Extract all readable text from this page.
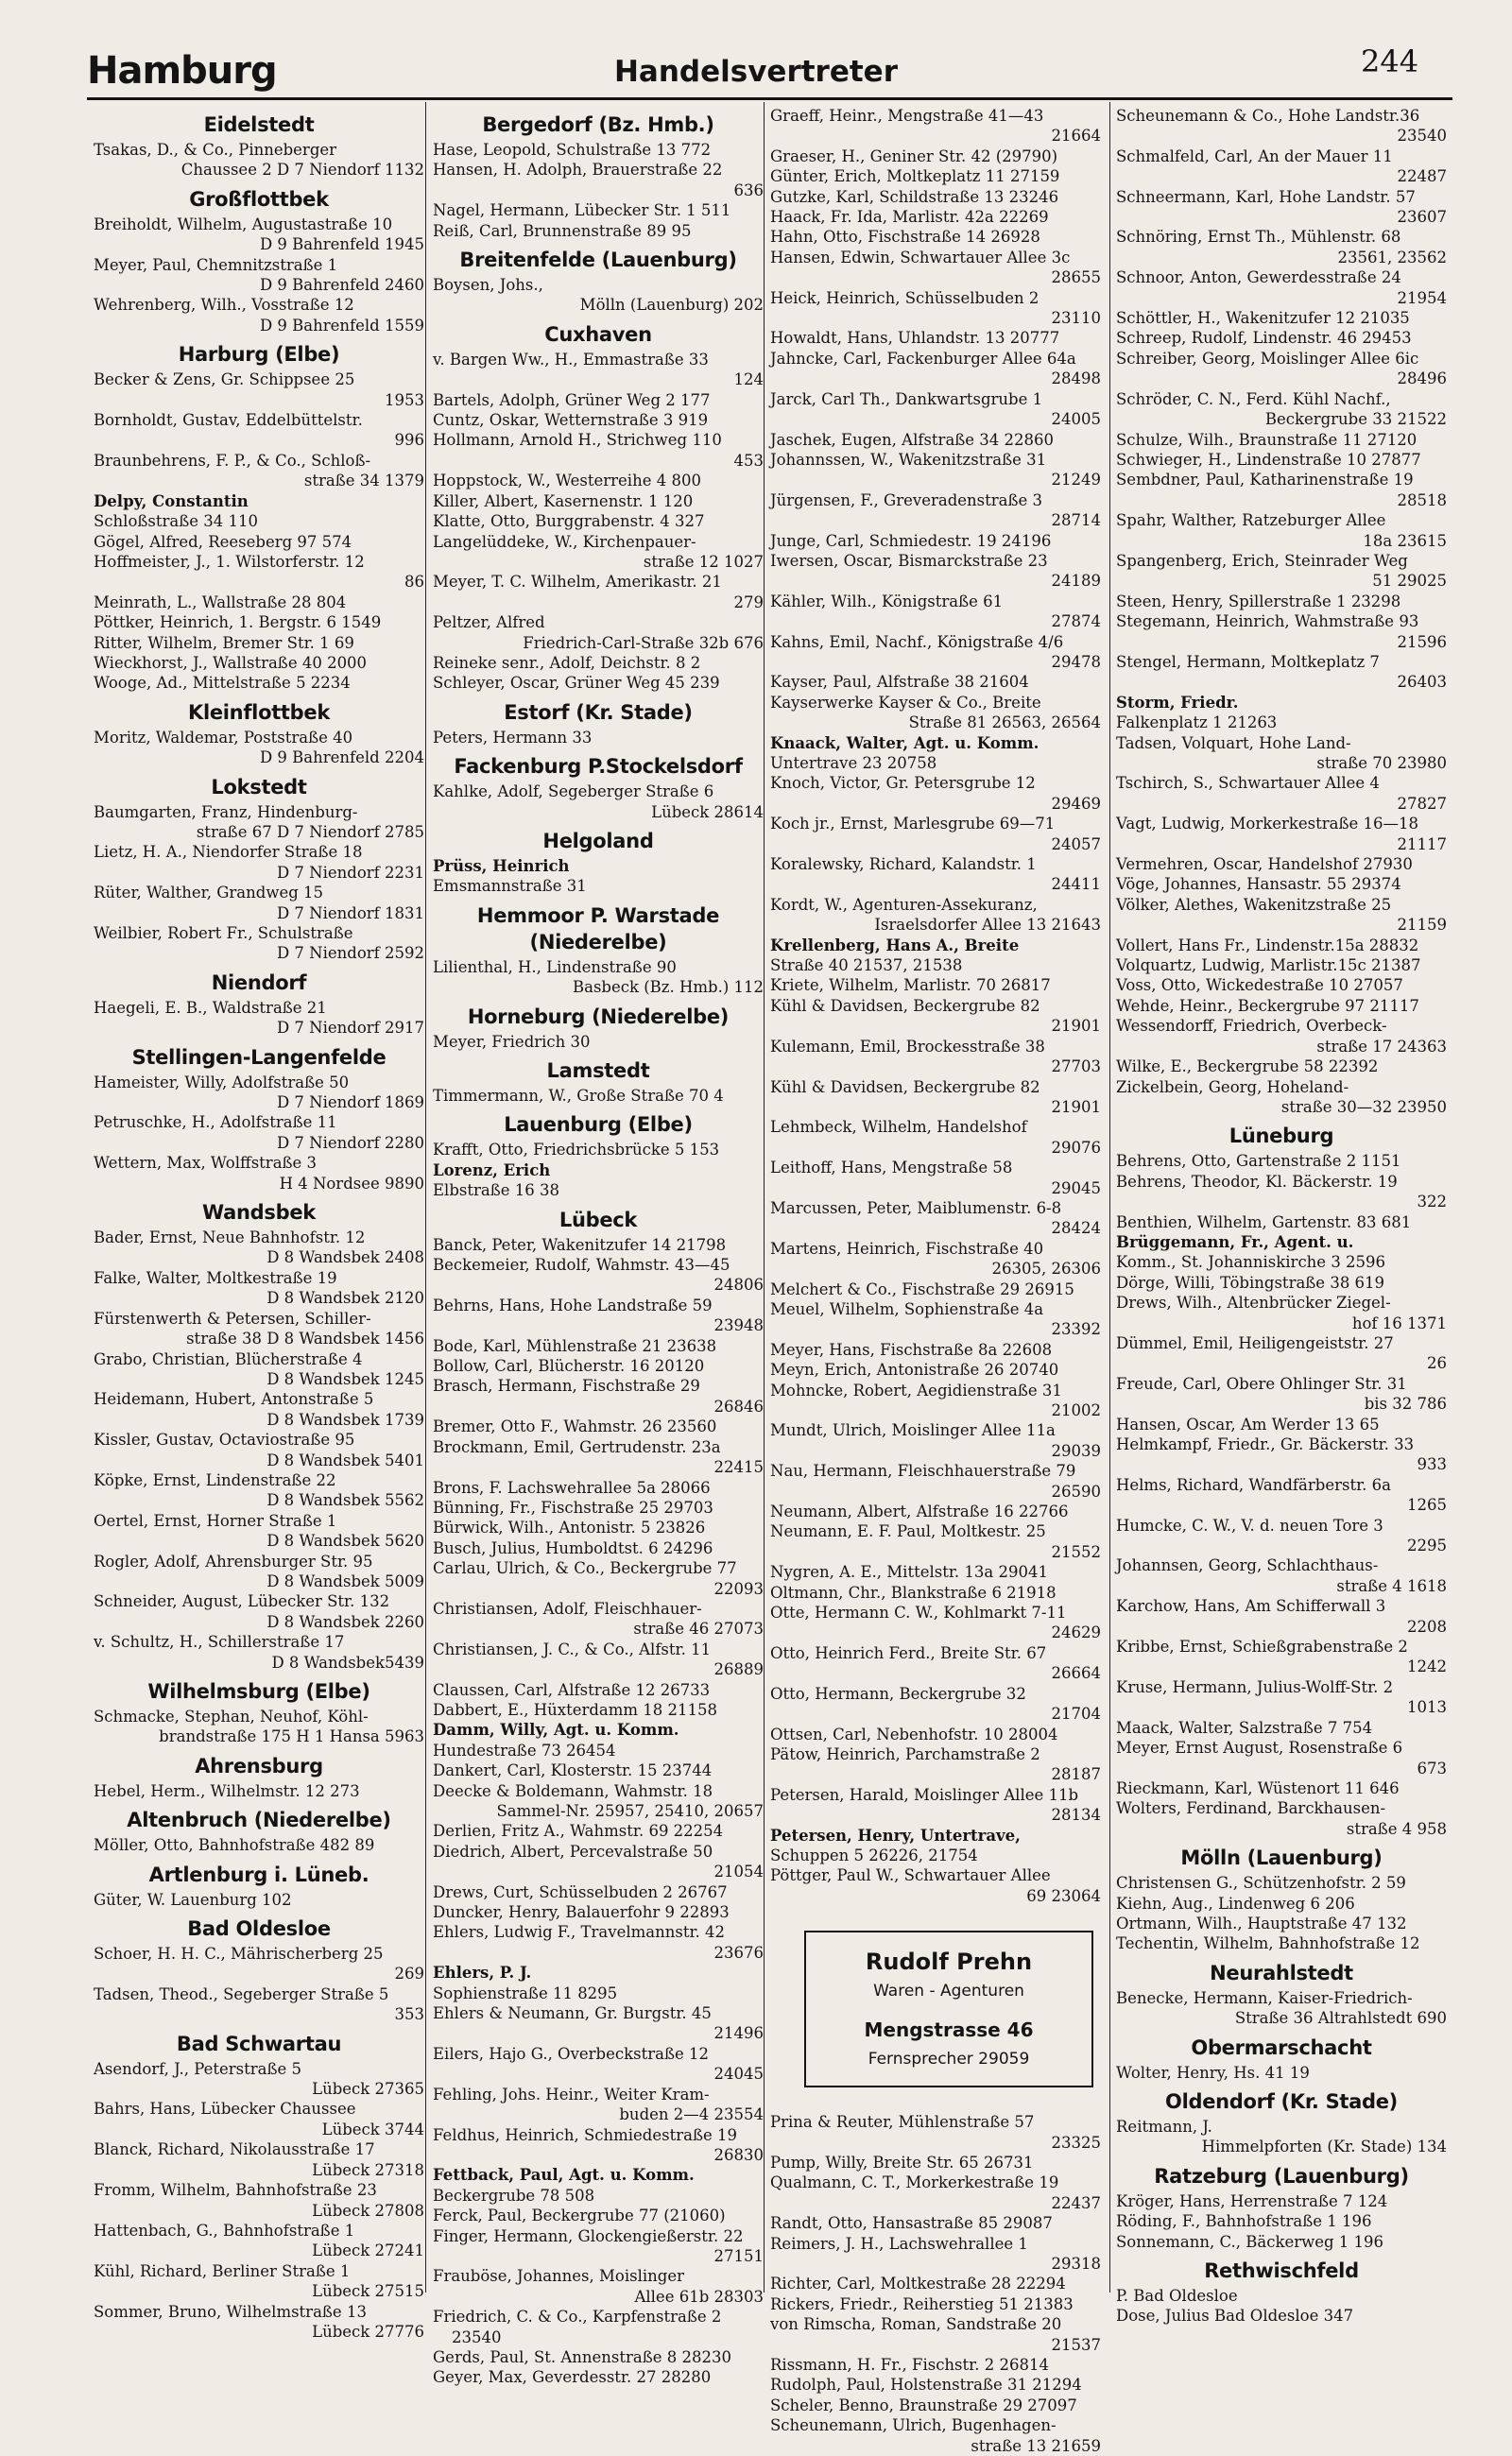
Hamburg	Handelsvertreter	244
Eidelstedt

Tsakas, D., & Co., Pinneberger
Chaussee 2 D 7 Niendorf 1132

Großflottbek

Breiholdt, Wilhelm, Augustastraße 10
D 9 Bahrenfeld 1945

Meyer, Paul, Chemnitzstraße 1
D 9 Bahrenfeld 2460

Wehrenberg, Wilh., Vosstraße 12
D 9 Bahrenfeld 1559

Harburg (Elbe)

Becker & Zens, Gr. Schippsee 25
1953

Bornholdt, Gustav, Eddelbüttelstr.
996

Braunbehrens, F. P., & Co., Schloß-
straße 34 1379

Delpy, Constantin

Schloßstraße 34 110

Gögel, Alfred, Reeseberg 97 574

Hoffmeister, J., 1. Wilstorferstr. 12
86

Meinrath, L., Wallstraße 28 804

Pöttker, Heinrich, 1. Bergstr. 6 1549

Ritter, Wilhelm, Bremer Str. 1 69

Wieckhorst, J., Wallstraße 40 2000

Wooge, Ad., Mittelstraße 5 2234

Kleinflottbek

Moritz, Waldemar, Poststraße 40
D 9 Bahrenfeld 2204

Lokstedt

Baumgarten, Franz, Hindenburg-
straße 67 D 7 Niendorf 2785

Lietz, H. A., Niendorfer Straße 18
D 7 Niendorf 2231

Rüter, Walther, Grandweg 15
D 7 Niendorf 1831

Weilbier, Robert Fr., Schulstraße
D 7 Niendorf 2592

Niendorf

Haegeli, E. B., Waldstraße 21
D 7 Niendorf 2917

Stellingen-Langenfelde

Hameister, Willy, Adolfstraße 50
D 7 Niendorf 1869

Petruschke, H., Adolfstraße 11
D 7 Niendorf 2280

Wettern, Max, Wolffstraße 3
H 4 Nordsee 9890

Wandsbek

Bader, Ernst, Neue Bahnhofstr. 12
D 8 Wandsbek 2408

Falke, Walter, Moltkestraße 19
D 8 Wandsbek 2120

Fürstenwerth & Petersen, Schiller-
straße 38 D 8 Wandsbek 1456

Grabo, Christian, Blücherstraße 4
D 8 Wandsbek 1245

Heidemann, Hubert, Antonstraße 5
D 8 Wandsbek 1739

Kissler, Gustav, Octaviostraße 95
D 8 Wandsbek 5401

Köpke, Ernst, Lindenstraße 22
D 8 Wandsbek 5562

Oertel, Ernst, Horner Straße 1
D 8 Wandsbek 5620

Rogler, Adolf, Ahrensburger Str. 95
D 8 Wandsbek 5009

Schneider, August, Lübecker Str. 132
D 8 Wandsbek 2260

v. Schultz, H., Schillerstraße 17
D 8 Wandsbek5439

Wilhelmsburg (Elbe)

Schmacke, Stephan, Neuhof, Köhl-
brandstraße 175 H 1 Hansa 5963

Ahrensburg

Hebel, Herm., Wilhelmstr. 12 273

Altenbruch (Niederelbe)

Möller, Otto, Bahnhofstraße 482 89

Artlenburg i. Lüneb.

Güter, W. Lauenburg 102

Bad Oldesloe

Schoer, H. H. C., Mährischerberg 25
269

Tadsen, Theod., Segeberger Straße 5
353

Bad Schwartau

Asendorf, J., Peterstraße 5
Lübeck 27365

Bahrs, Hans, Lübecker Chaussee
Lübeck 3744

Blanck, Richard, Nikolausstraße 17
Lübeck 27318

Fromm, Wilhelm, Bahnhofstraße 23
Lübeck 27808

Hattenbach, G., Bahnhofstraße 1
Lübeck 27241

Kühl, Richard, Berliner Straße 1
Lübeck 27515

Sommer, Bruno, Wilhelmstraße 13
Lübeck 27776

Bergedorf (Bz. Hmb.)

Hase, Leopold, Schulstraße 13 772

Hansen, H. Adolph, Brauerstraße 22
636

Nagel, Hermann, Lübecker Str. 1 511

Reiß, Carl, Brunnenstraße 89 95

Breitenfelde (Lauenburg)

Boysen, Johs.,
Mölln (Lauenburg) 202

Cuxhaven

v. Bargen Ww., H., Emmastraße 33
124

Bartels, Adolph, Grüner Weg 2 177

Cuntz, Oskar, Wetternstraße 3 919

Hollmann, Arnold H., Strichweg 110
453

Hoppstock, W., Westerreihe 4 800

Killer, Albert, Kasernenstr. 1 120

Klatte, Otto, Burggrabenstr. 4 327

Langelüddeke, W., Kirchenpauer-
straße 12 1027

Meyer, T. C. Wilhelm, Amerikastr. 21
279

Peltzer, Alfred
Friedrich-Carl-Straße 32b 676

Reineke senr., Adolf, Deichstr. 8 2

Schleyer, Oscar, Grüner Weg 45 239

Estorf (Kr. Stade)

Peters, Hermann 33

Fackenburg P.Stockelsdorf

Kahlke, Adolf, Segeberger Straße 6
Lübeck 28614

Helgoland

Prüss, Heinrich

Emsmannstraße 31

Hemmoor P. Warstade (Niederelbe)

Lilienthal, H., Lindenstraße 90
Basbeck (Bz. Hmb.) 112

Horneburg (Niederelbe)

Meyer, Friedrich 30

Lamstedt

Timmermann, W., Große Straße 70 4

Lauenburg (Elbe)

Krafft, Otto, Friedrichsbrücke 5 153

Lorenz, Erich

Elbstraße 16 38

Lübeck

Banck, Peter, Wakenitzufer 14 21798

Beckemeier, Rudolf, Wahmstr. 43—45
24806

Behrns, Hans, Hohe Landstraße 59
23948

Bode, Karl, Mühlenstraße 21 23638

Bollow, Carl, Blücherstr. 16 20120

Brasch, Hermann, Fischstraße 29
26846

Bremer, Otto F., Wahmstr. 26 23560

Brockmann, Emil, Gertrudenstr. 23a
22415

Brons, F. Lachswehrallee 5a 28066

Bünning, Fr., Fischstraße 25 29703

Bürwick, Wilh., Antonistr. 5 23826

Busch, Julius, Humboldtst. 6 24296

Carlau, Ulrich, & Co., Beckergrube 77
22093

Christiansen, Adolf, Fleischhauer-
straße 46 27073

Christiansen, J. C., & Co., Alfstr. 11
26889

Claussen, Carl, Alfstraße 12 26733

Dabbert, E., Hüxterdamm 18 21158

Damm, Willy, Agt. u. Komm.

Hundestraße 73 26454

Dankert, Carl, Klosterstr. 15 23744

Deecke & Boldemann, Wahmstr. 18
Sammel-Nr. 25957, 25410, 20657

Derlien, Fritz A., Wahmstr. 69 22254

Diedrich, Albert, Percevalstraße 50
21054

Drews, Curt, Schüsselbuden 2 26767

Duncker, Henry, Balauerfohr 9 22893

Ehlers, Ludwig F., Travelmannstr. 42
23676

Ehlers, P. J.

Sophienstraße 11 8295

Ehlers & Neumann, Gr. Burgstr. 45
21496

Eilers, Hajo G., Overbeckstraße 12
24045

Fehling, Johs. Heinr., Weiter Kram-
buden 2—4 23554

Feldhus, Heinrich, Schmiedestraße 19
26830

Fettback, Paul, Agt. u. Komm.

Beckergrube 78 508

Ferck, Paul, Beckergrube 77 (21060)

Finger, Hermann, Glockengießerstr. 22
27151

Frauböse, Johannes, Moislinger
Allee 61b 28303

Friedrich, C. & Co., Karpfenstraße 2 23540

Gerds, Paul, St. Annenstraße 8 28230

Geyer, Max, Geverdesstr. 27 28280

Graeff, Heinr., Mengstraße 41—43
21664

Graeser, H., Geniner Str. 42 (29790)

Günter, Erich, Moltkeplatz 11 27159

Gutzke, Karl, Schildstraße 13 23246

Haack, Fr. Ida, Marlistr. 42a 22269

Hahn, Otto, Fischstraße 14 26928

Hansen, Edwin, Schwartauer Allee 3c
28655

Heick, Heinrich, Schüsselbuden 2
23110

Howaldt, Hans, Uhlandstr. 13 20777

Jahncke, Carl, Fackenburger Allee 64a
28498

Jarck, Carl Th., Dankwartsgrube 1
24005

Jaschek, Eugen, Alfstraße 34 22860

Johannssen, W., Wakenitzstraße 31
21249

Jürgensen, F., Greveradenstraße 3
28714

Junge, Carl, Schmiedestr. 19 24196

Iwersen, Oscar, Bismarckstraße 23
24189

Kähler, Wilh., Königstraße 61
27874

Kahns, Emil, Nachf., Königstraße 4/6
29478

Kayser, Paul, Alfstraße 38 21604

Kayserwerke Kayser & Co., Breite
Straße 81 26563, 26564

Knaack, Walter, Agt. u. Komm.

Untertrave 23 20758

Knoch, Victor, Gr. Petersgrube 12
29469

Koch jr., Ernst, Marlesgrube 69—71
24057

Koralewsky, Richard, Kalandstr. 1
24411

Kordt, W., Agenturen-Assekuranz,
Israelsdorfer Allee 13 21643

Krellenberg, Hans A., Breite

Straße 40 21537, 21538

Kriete, Wilhelm, Marlistr. 70 26817

Kühl & Davidsen, Beckergrube 82
21901

Kulemann, Emil, Brockesstraße 38
27703

Kühl & Davidsen, Beckergrube 82
21901

Lehmbeck, Wilhelm, Handelshof
29076

Leithoff, Hans, Mengstraße 58
29045

Marcussen, Peter, Maiblumenstr. 6-8
28424

Martens, Heinrich, Fischstraße 40
26305, 26306

Melchert & Co., Fischstraße 29 26915

Meuel, Wilhelm, Sophienstraße 4a
23392

Meyer, Hans, Fischstraße 8a 22608

Meyn, Erich, Antonistraße 26 20740

Mohncke, Robert, Aegidienstraße 31
21002

Mundt, Ulrich, Moislinger Allee 11a
29039

Nau, Hermann, Fleischhauerstraße 79
26590

Neumann, Albert, Alfstraße 16 22766

Neumann, E. F. Paul, Moltkestr. 25
21552

Nygren, A. E., Mittelstr. 13a 29041

Oltmann, Chr., Blankstraße 6 21918

Otte, Hermann C. W., Kohlmarkt 7-11
24629

Otto, Heinrich Ferd., Breite Str. 67
26664

Otto, Hermann, Beckergrube 32
21704

Ottsen, Carl, Nebenhofstr. 10 28004

Pätow, Heinrich, Parchamstraße 2
28187

Petersen, Harald, Moislinger Allee 11b
28134

Petersen, Henry, Untertrave,

Schuppen 5 26226, 21754

Pöttger, Paul W., Schwartauer Allee
69 23064

Rudolf Prehn
Waren - Agenturen
Mengstrasse 46
Fernsprecher 29059

Prina & Reuter, Mühlenstraße 57
23325

Pump, Willy, Breite Str. 65 26731

Qualmann, C. T., Morkerkestraße 19
22437

Randt, Otto, Hansastraße 85 29087

Reimers, J. H., Lachswehrallee 1
29318

Richter, Carl, Moltkestraße 28 22294

Rickers, Friedr., Reiherstieg 51 21383

von Rimscha, Roman, Sandstraße 20
21537

Rissmann, H. Fr., Fischstr. 2 26814

Rudolph, Paul, Holstenstraße 31 21294

Scheler, Benno, Braunstraße 29 27097

Scheunemann, Ulrich, Bugenhagen-
straße 13 21659

Scheunemann & Co., Hohe Landstr.36
23540

Schmalfeld, Carl, An der Mauer 11
22487

Schneermann, Karl, Hohe Landstr. 57
23607

Schnöring, Ernst Th., Mühlenstr. 68
23561, 23562

Schnoor, Anton, Gewerdesstraße 24
21954

Schöttler, H., Wakenitzufer 12 21035

Schreep, Rudolf, Lindenstr. 46 29453

Schreiber, Georg, Moislinger Allee 6ic
28496

Schröder, C. N., Ferd. Kühl Nachf.,
Beckergrube 33 21522

Schulze, Wilh., Braunstraße 11 27120

Schwieger, H., Lindenstraße 10 27877

Sembdner, Paul, Katharinenstraße 19
28518

Spahr, Walther, Ratzeburger Allee
18a 23615

Spangenberg, Erich, Steinrader Weg
51 29025

Steen, Henry, Spillerstraße 1 23298

Stegemann, Heinrich, Wahmstraße 93
21596

Stengel, Hermann, Moltkeplatz 7
26403

Storm, Friedr.

Falkenplatz 1 21263

Tadsen, Volquart, Hohe Land-
straße 70 23980

Tschirch, S., Schwartauer Allee 4
27827

Vagt, Ludwig, Morkerkestraße 16—18
21117

Vermehren, Oscar, Handelshof 27930

Vöge, Johannes, Hansastr. 55 29374

Völker, Alethes, Wakenitzstraße 25
21159

Vollert, Hans Fr., Lindenstr.15a 28832

Volquartz, Ludwig, Marlistr.15c 21387

Voss, Otto, Wickedestraße 10 27057

Wehde, Heinr., Beckergrube 97 21117

Wessendorff, Friedrich, Overbeck-
straße 17 24363

Wilke, E., Beckergrube 58 22392

Zickelbein, Georg, Hoheland-
straße 30—32 23950

Lüneburg

Behrens, Otto, Gartenstraße 2 1151

Behrens, Theodor, Kl. Bäckerstr. 19
322

Benthien, Wilhelm, Gartenstr. 83 681

Brüggemann, Fr., Agent. u.

Komm., St. Johanniskirche 3 2596

Dörge, Willi, Töbingstraße 38 619

Drews, Wilh., Altenbrücker Ziegel-
hof 16 1371

Dümmel, Emil, Heiligengeiststr. 27
26

Freude, Carl, Obere Ohlinger Str. 31
bis 32 786

Hansen, Oscar, Am Werder 13 65

Helmkampf, Friedr., Gr. Bäckerstr. 33
933

Helms, Richard, Wandfärberstr. 6a
1265

Humcke, C. W., V. d. neuen Tore 3
2295

Johannsen, Georg, Schlachthaus-
straße 4 1618

Karchow, Hans, Am Schifferwall 3
2208

Kribbe, Ernst, Schießgrabenstraße 2
1242

Kruse, Hermann, Julius-Wolff-Str. 2
1013

Maack, Walter, Salzstraße 7 754

Meyer, Ernst August, Rosenstraße 6
673

Rieckmann, Karl, Wüstenort 11 646

Wolters, Ferdinand, Barckhausen-
straße 4 958

Mölln (Lauenburg)

Christensen G., Schützenhofstr. 2 59

Kiehn, Aug., Lindenweg 6 206

Ortmann, Wilh., Hauptstraße 47 132

Techentin, Wilhelm, Bahnhofstraße 12

Neurahlstedt

Benecke, Hermann, Kaiser-Friedrich-
Straße 36 Altrahlstedt 690

Obermarschacht

Wolter, Henry, Hs. 41 19

Oldendorf (Kr. Stade)

Reitmann, J.
Himmelpforten (Kr. Stade) 134

Ratzeburg (Lauenburg)

Kröger, Hans, Herrenstraße 7 124

Röding, F., Bahnhofstraße 1 196

Sonnemann, C., Bäckerweg 1 196

Rethwischfeld

P. Bad Oldesloe

Dose, Julius Bad Oldesloe 347
